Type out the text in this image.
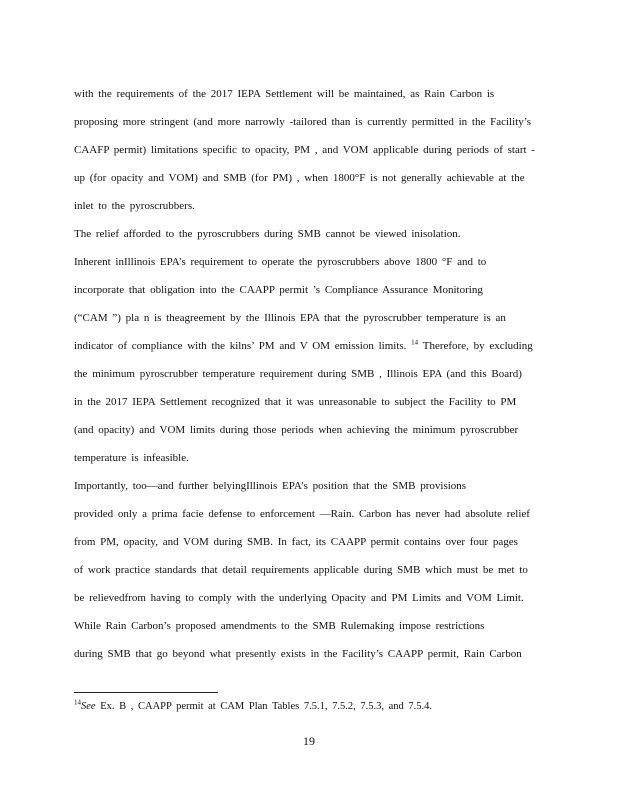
with the requirements of the 2017 IEPA Settlement will be maintained, as Rain Carbon is
proposing more stringent (and more narrowly -tailored than is currently permitted in the Facility’s
CAAFP permit) limitations specific to opacity, PM , and VOM applicable during periods of start -
up (for opacity and VOM) and SMB (for PM) , when 1800°F is not generally achievable at the
inlet to the pyroscrubbers.
The relief afforded to the pyroscrubbers during SMB cannot be viewed inisolation.
Inherent inIllinois EPA’s requirement to operate the pyroscrubbers above 1800 °F and to
incorporate that obligation into the CAAPP permit ’s Compliance Assurance Monitoring
(“CAM ”) pla n is theagreement by the Illinois EPA that the pyroscrubber temperature is an
indicator of compliance with the kilns’ PM and V OM emission limits. $^{14}$ Therefore, by excluding
the minimum pyroscrubber temperature requirement during SMB , Illinois EPA (and this Board)
in the 2017 IEPA Settlement recognized that it was unreasonable to subject the Facility to PM
(and opacity) and VOM limits during those periods when achieving the minimum pyroscrubber
temperature is infeasible.
Importantly, too—and further belyingIllinois EPA’s position that the SMB provisions
provided only a prima facie defense to enforcement —Rain. Carbon has never had absolute relief
from PM, opacity, and VOM during SMB. In fact, its CAAPP permit contains over four pages
of work practice standards that detail requirements applicable during SMB which must be met to
be relievedfrom having to comply with the underlying Opacity and PM Limits and VOM Limit.
While Rain Carbon’s proposed amendments to the SMB Rulemaking impose restrictions
during SMB that go beyond what presently exists in the Facility’s CAAPP permit, Rain Carbon
$^{14}$See Ex. B , CAAPP permit at CAM Plan Tables 7.5.1, 7.5.2, 7.5.3, and 7.5.4.
19
